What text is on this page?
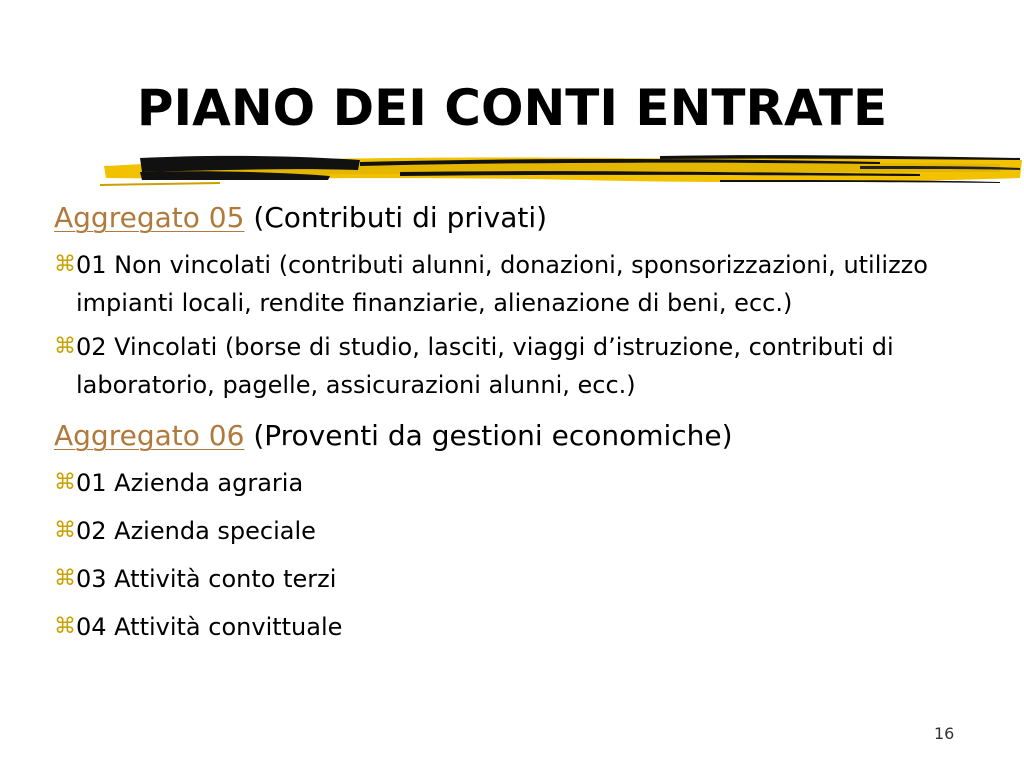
PIANO DEI CONTI ENTRATE

Aggregato 05 (Contributi di privati)

⌘ 01 Non vincolati (contributi alunni, donazioni, sponsorizzazioni, utilizzo impianti locali, rendite finanziarie, alienazione di beni, ecc.)
⌘ 02 Vincolati (borse di studio, lasciti, viaggi d’istruzione, contributi di laboratorio, pagelle, assicurazioni alunni, ecc.)

Aggregato 06 (Proventi da gestioni economiche)

⌘ 01 Azienda agraria
⌘ 02 Azienda speciale
⌘ 03 Attività conto terzi
⌘ 04 Attività convittuale
16
